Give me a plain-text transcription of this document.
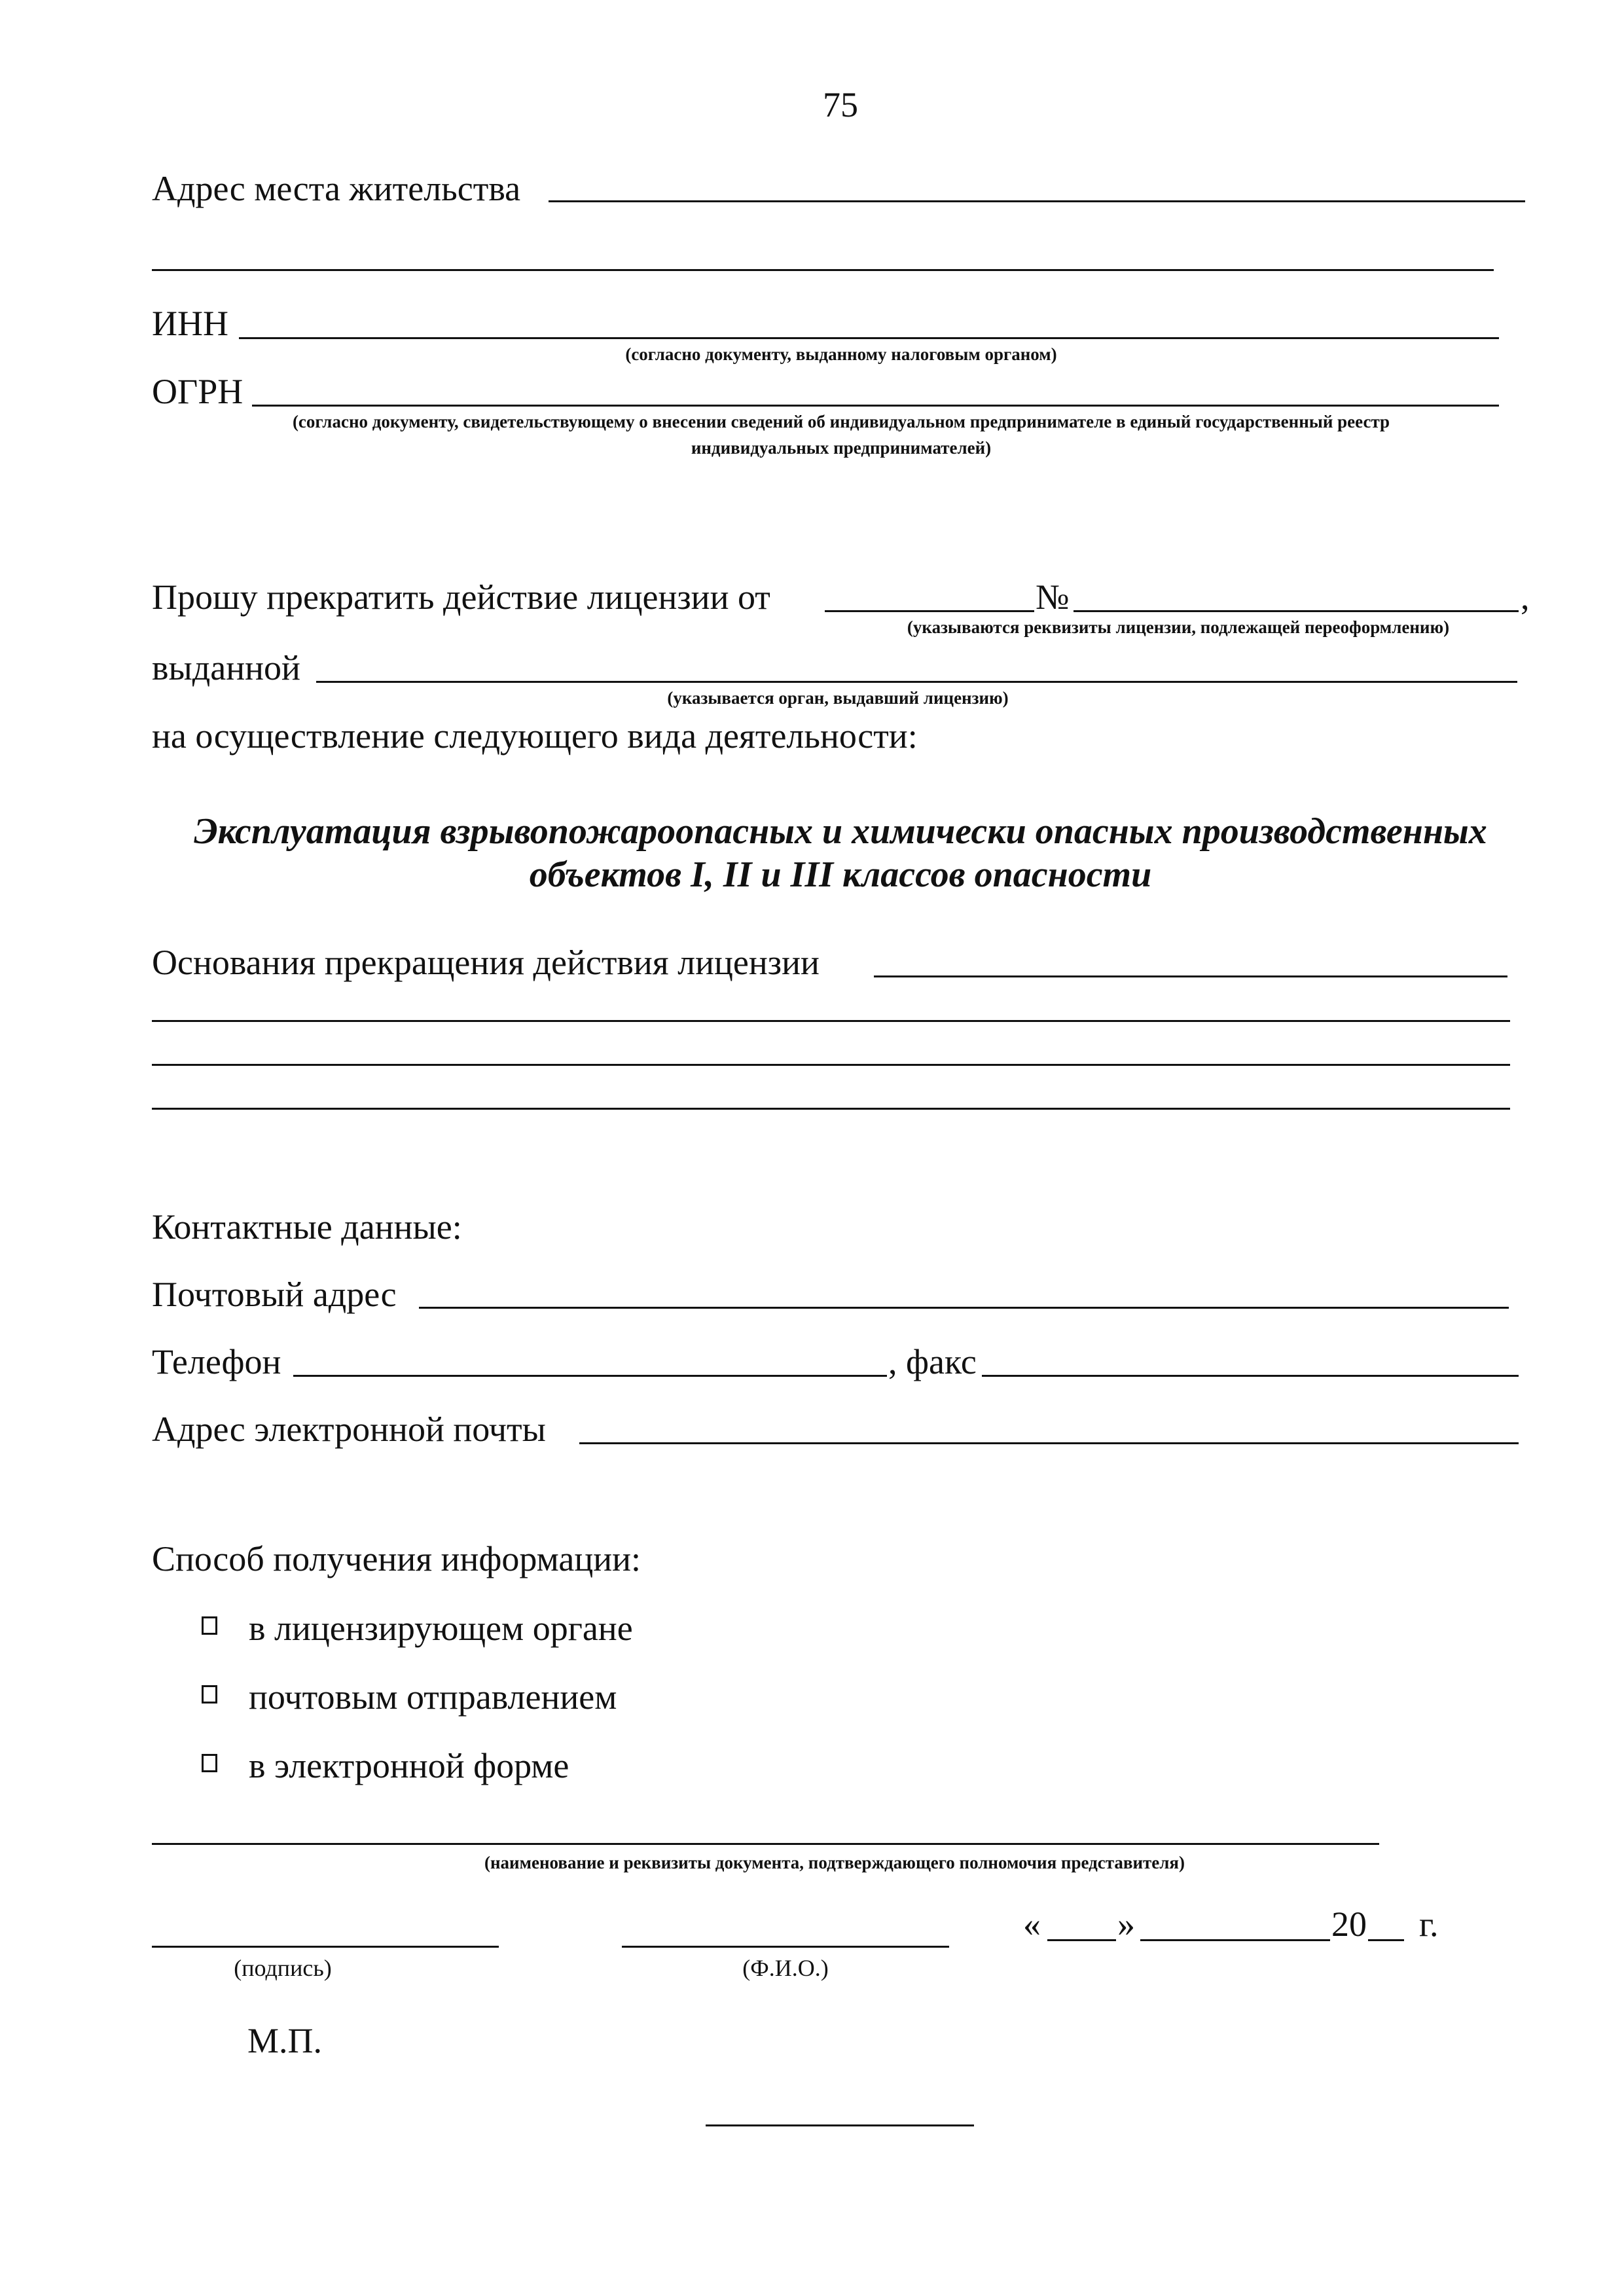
75
Адрес места жительства
ИНН
(согласно документу, выданному налоговым органом)
ОГРН
(согласно документу, свидетельствующему о внесении сведений об индивидуальном предпринимателе в единый государственный реестр
индивидуальных предпринимателей)
Прошу прекратить действие лицензии от	№	,
(указываются реквизиты лицензии, подлежащей переоформлению)
выданной
(указывается орган, выдавший лицензию)
на осуществление следующего вида деятельности:
Эксплуатация взрывопожароопасных и химически опасных производственных
объектов I, II и III классов опасности
Основания прекращения действия лицензии
Контактные данные:
Почтовый адрес
Телефон	, факс
Адрес электронной почты
Способ получения информации:
в лицензирующем органе
почтовым отправлением
в электронной форме
(наименование и реквизиты документа, подтверждающего полномочия представителя)
(подпись)	(Ф.И.О.)
« »	20 г.
М.П.
